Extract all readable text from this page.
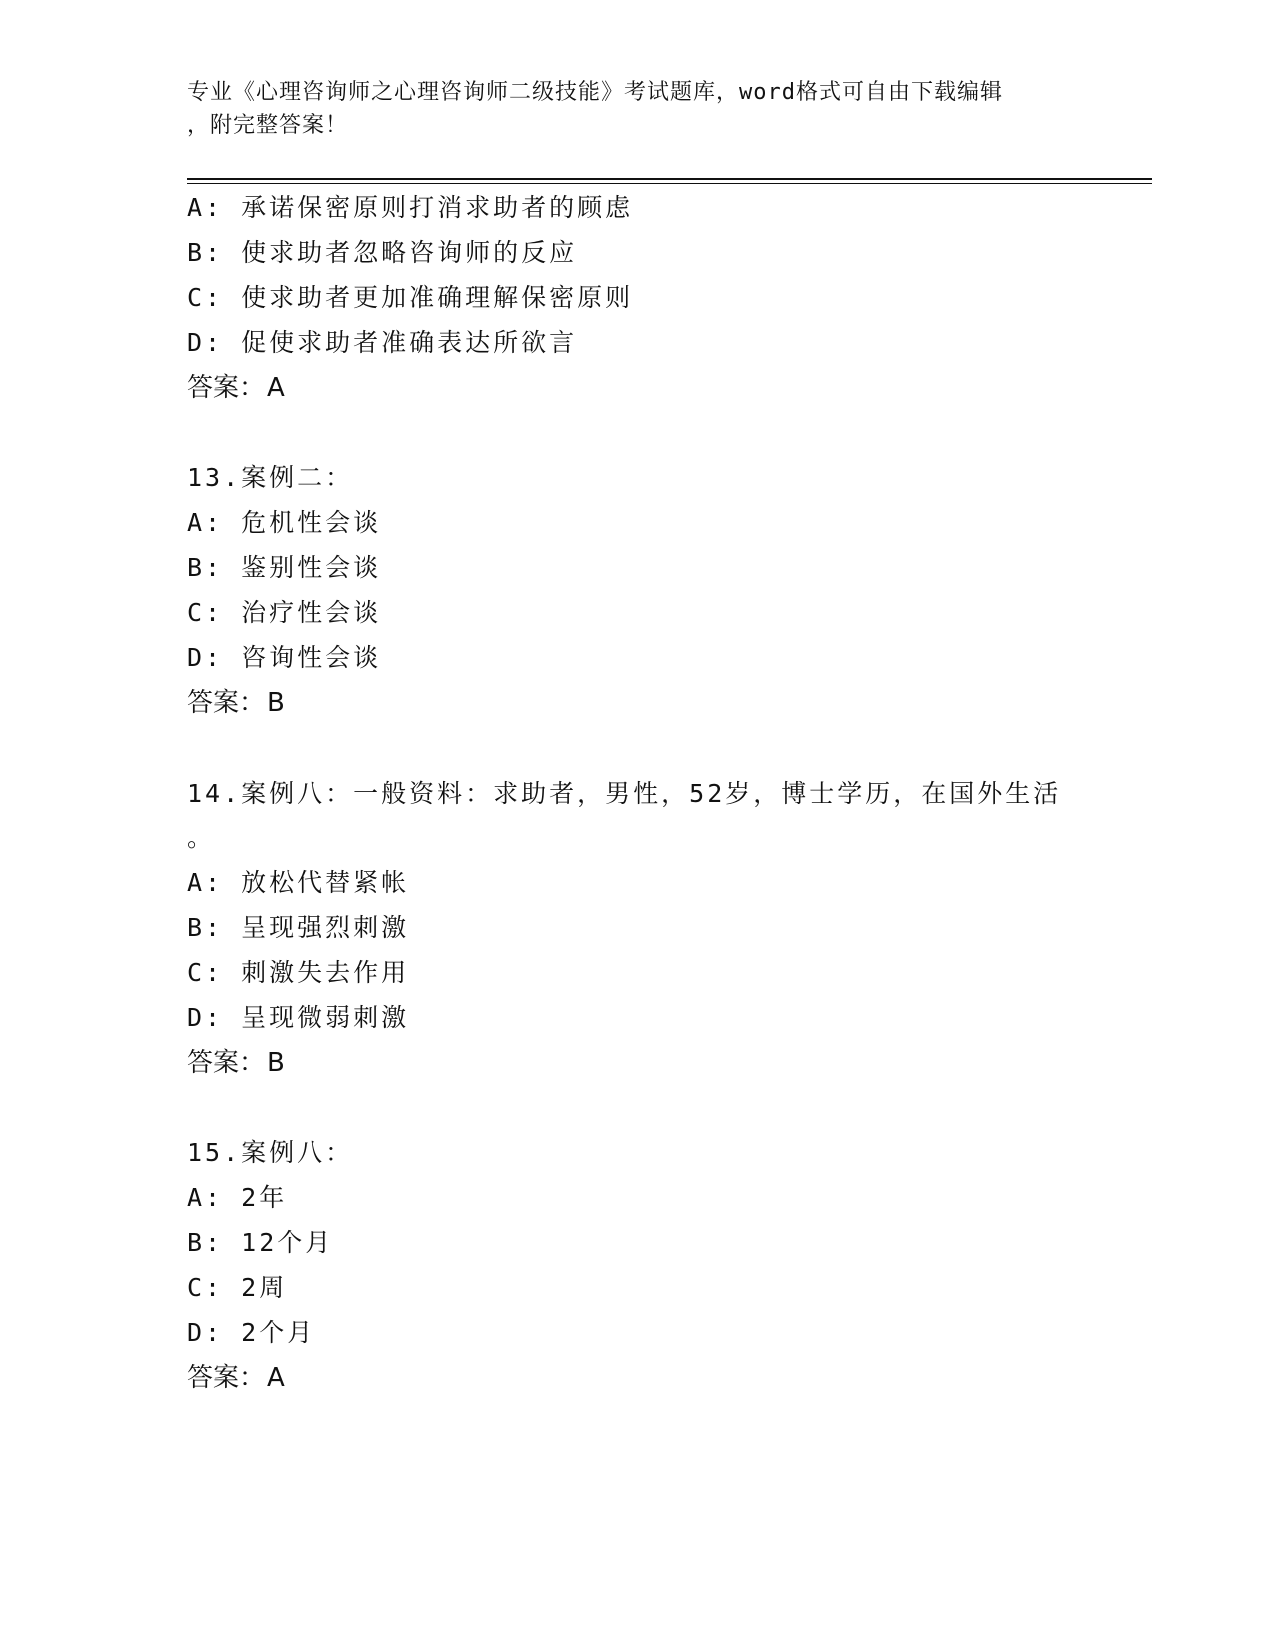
专业《心理咨询师之心理咨询师二级技能》考试题库，word格式可自由下载编辑
，附完整答案！
A: 承诺保密原则打消求助者的顾虑
B: 使求助者忽略咨询师的反应
C: 使求助者更加准确理解保密原则
D: 促使求助者准确表达所欲言
答案：A
13.案例二：
A: 危机性会谈
B: 鉴别性会谈
C: 治疗性会谈
D: 咨询性会谈
答案：B
14.案例八：一般资料：求助者，男性，52岁，博士学历，在国外生活
。
A: 放松代替紧帐
B: 呈现强烈刺激
C: 刺激失去作用
D: 呈现微弱刺激
答案：B
15.案例八：
A: 2年
B: 12个月
C: 2周
D: 2个月
答案：A
